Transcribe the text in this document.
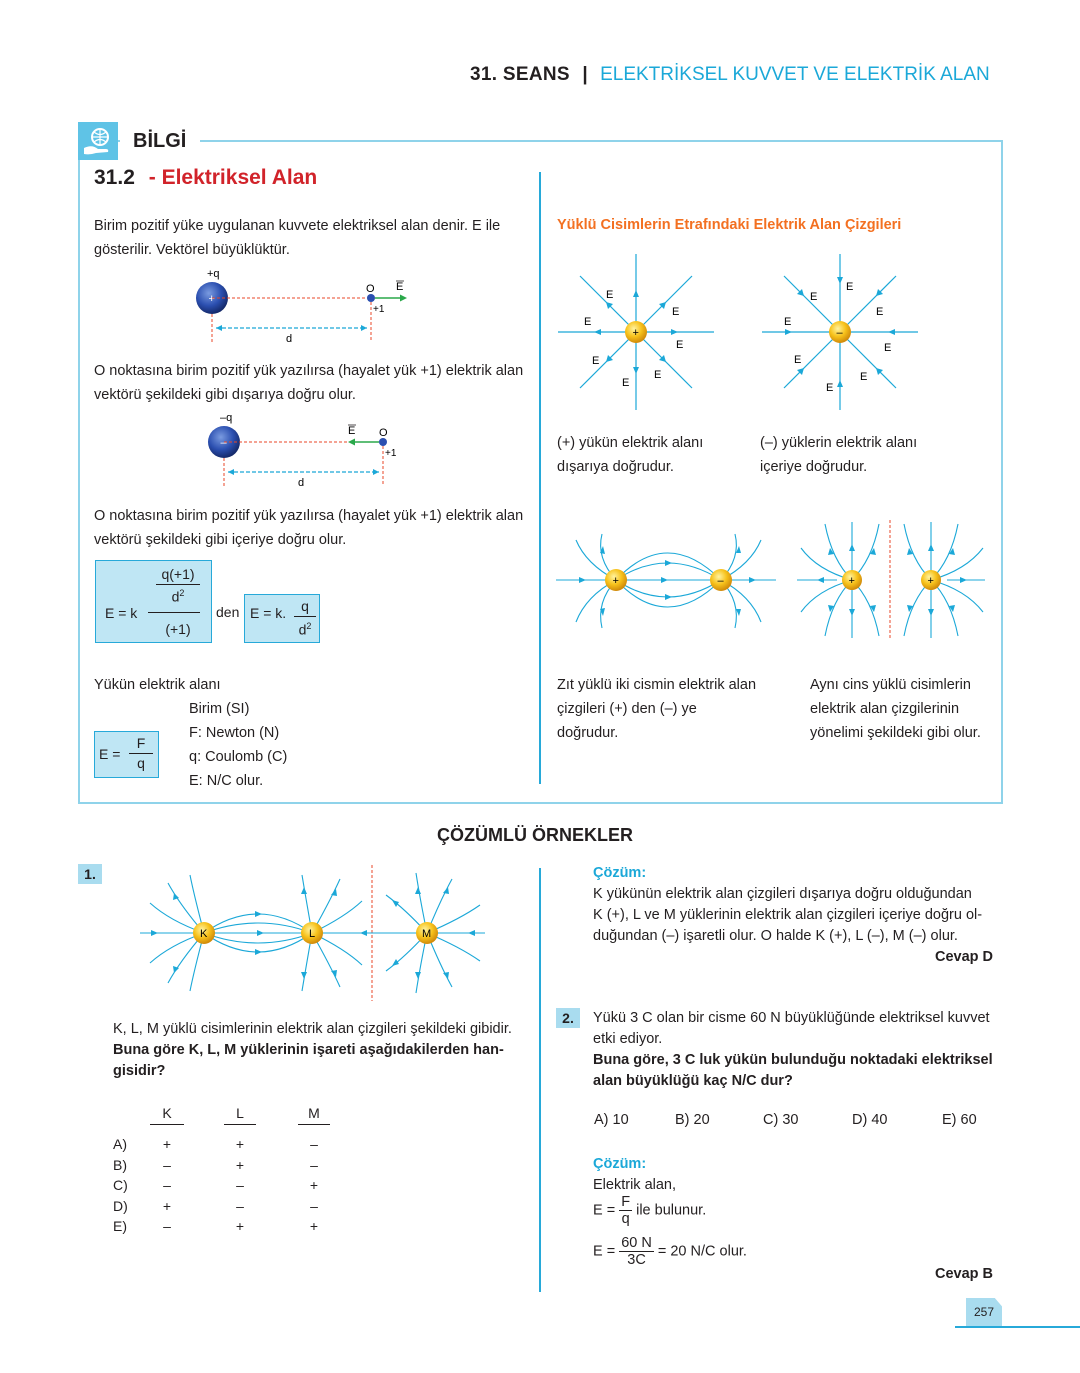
31. SEANS | ELEKTRİKSEL KUVVET VE ELEKTRİK ALAN
BİLGİ
31.2 - Elektriksel Alan
Birim pozitif yüke uygulanan kuvvete elektriksel alan denir. E ile
gösterilir. Vektörel büyüklüktür.
+q
+
d
O
+1
E
O noktasına birim pozitif yük yazılırsa (hayalet yük +1) elektrik alan
vektörü şekildeki gibi dışarıya doğru olur.
–q
–
d
O
+1
E
O noktasına birim pozitif yük yazılırsa (hayalet yük +1) elektrik alan
vektörü şekildeki gibi içeriye doğru olur.
E = k
q(+1)
$d^2$
(+1)
den E = k.	q
$d^2$
Yükün elektrik alanı
$E = \frac{F}{q}$
Birim (SI)
F: Newton (N)
q: Coulomb (C)
E: N/C olur.
Yüklü Cisimlerin Etrafındaki Elektrik Alan Çizgileri
+
E
E
E
E
E
E
E
–
E
E
E
E
E
E
E
E
(+) yükün elektrik alanı
dışarıya doğrudur.
(–) yüklerin elektrik alanı
içeriye doğrudur.
+	–	+	+
Zıt yüklü iki cismin elektrik alan
çizgileri (+) den (–) ye
doğrudur.
Aynı cins yüklü cisimlerin
elektrik alan çizgilerinin
yönelimi şekildeki gibi olur.
ÇÖZÜMLÜ ÖRNEKLER
1.
K	L	M
K, L, M yüklü cisimlerinin elektrik alan çizgileri şekildeki gibidir.
Buna göre K, L, M yüklerinin işareti aşağıdakilerden han-
gisidir?
	K		L		M

A)	+		+		–
B)	–		+		–
C)	–		–		+
D)	+		–		–
E)	–		+		+
Çözüm:
K yükünün elektrik alan çizgileri dışarıya doğru olduğundan
K (+), L ve M yüklerinin elektrik alan çizgileri içeriye doğru ol-
duğundan (–) işaretli olur. O halde K (+), L (–), M (–) olur.
Cevap D
2.	Yükü 3 C olan bir cisme 60 N büyüklüğünde elektriksel kuvvet
etki ediyor.
Buna göre, 3 C luk yükün bulunduğu noktadaki elektriksel
alan büyüklüğü kaç N/C dur?
A) 10	B) 20	C) 30	D) 40	E) 60
Çözüm:
Elektrik alan,
$E = \frac{F}{q}$ ile bulunur.
$E = \frac{60 N}{3C} = 20$ N/C olur.
Cevap B
257
